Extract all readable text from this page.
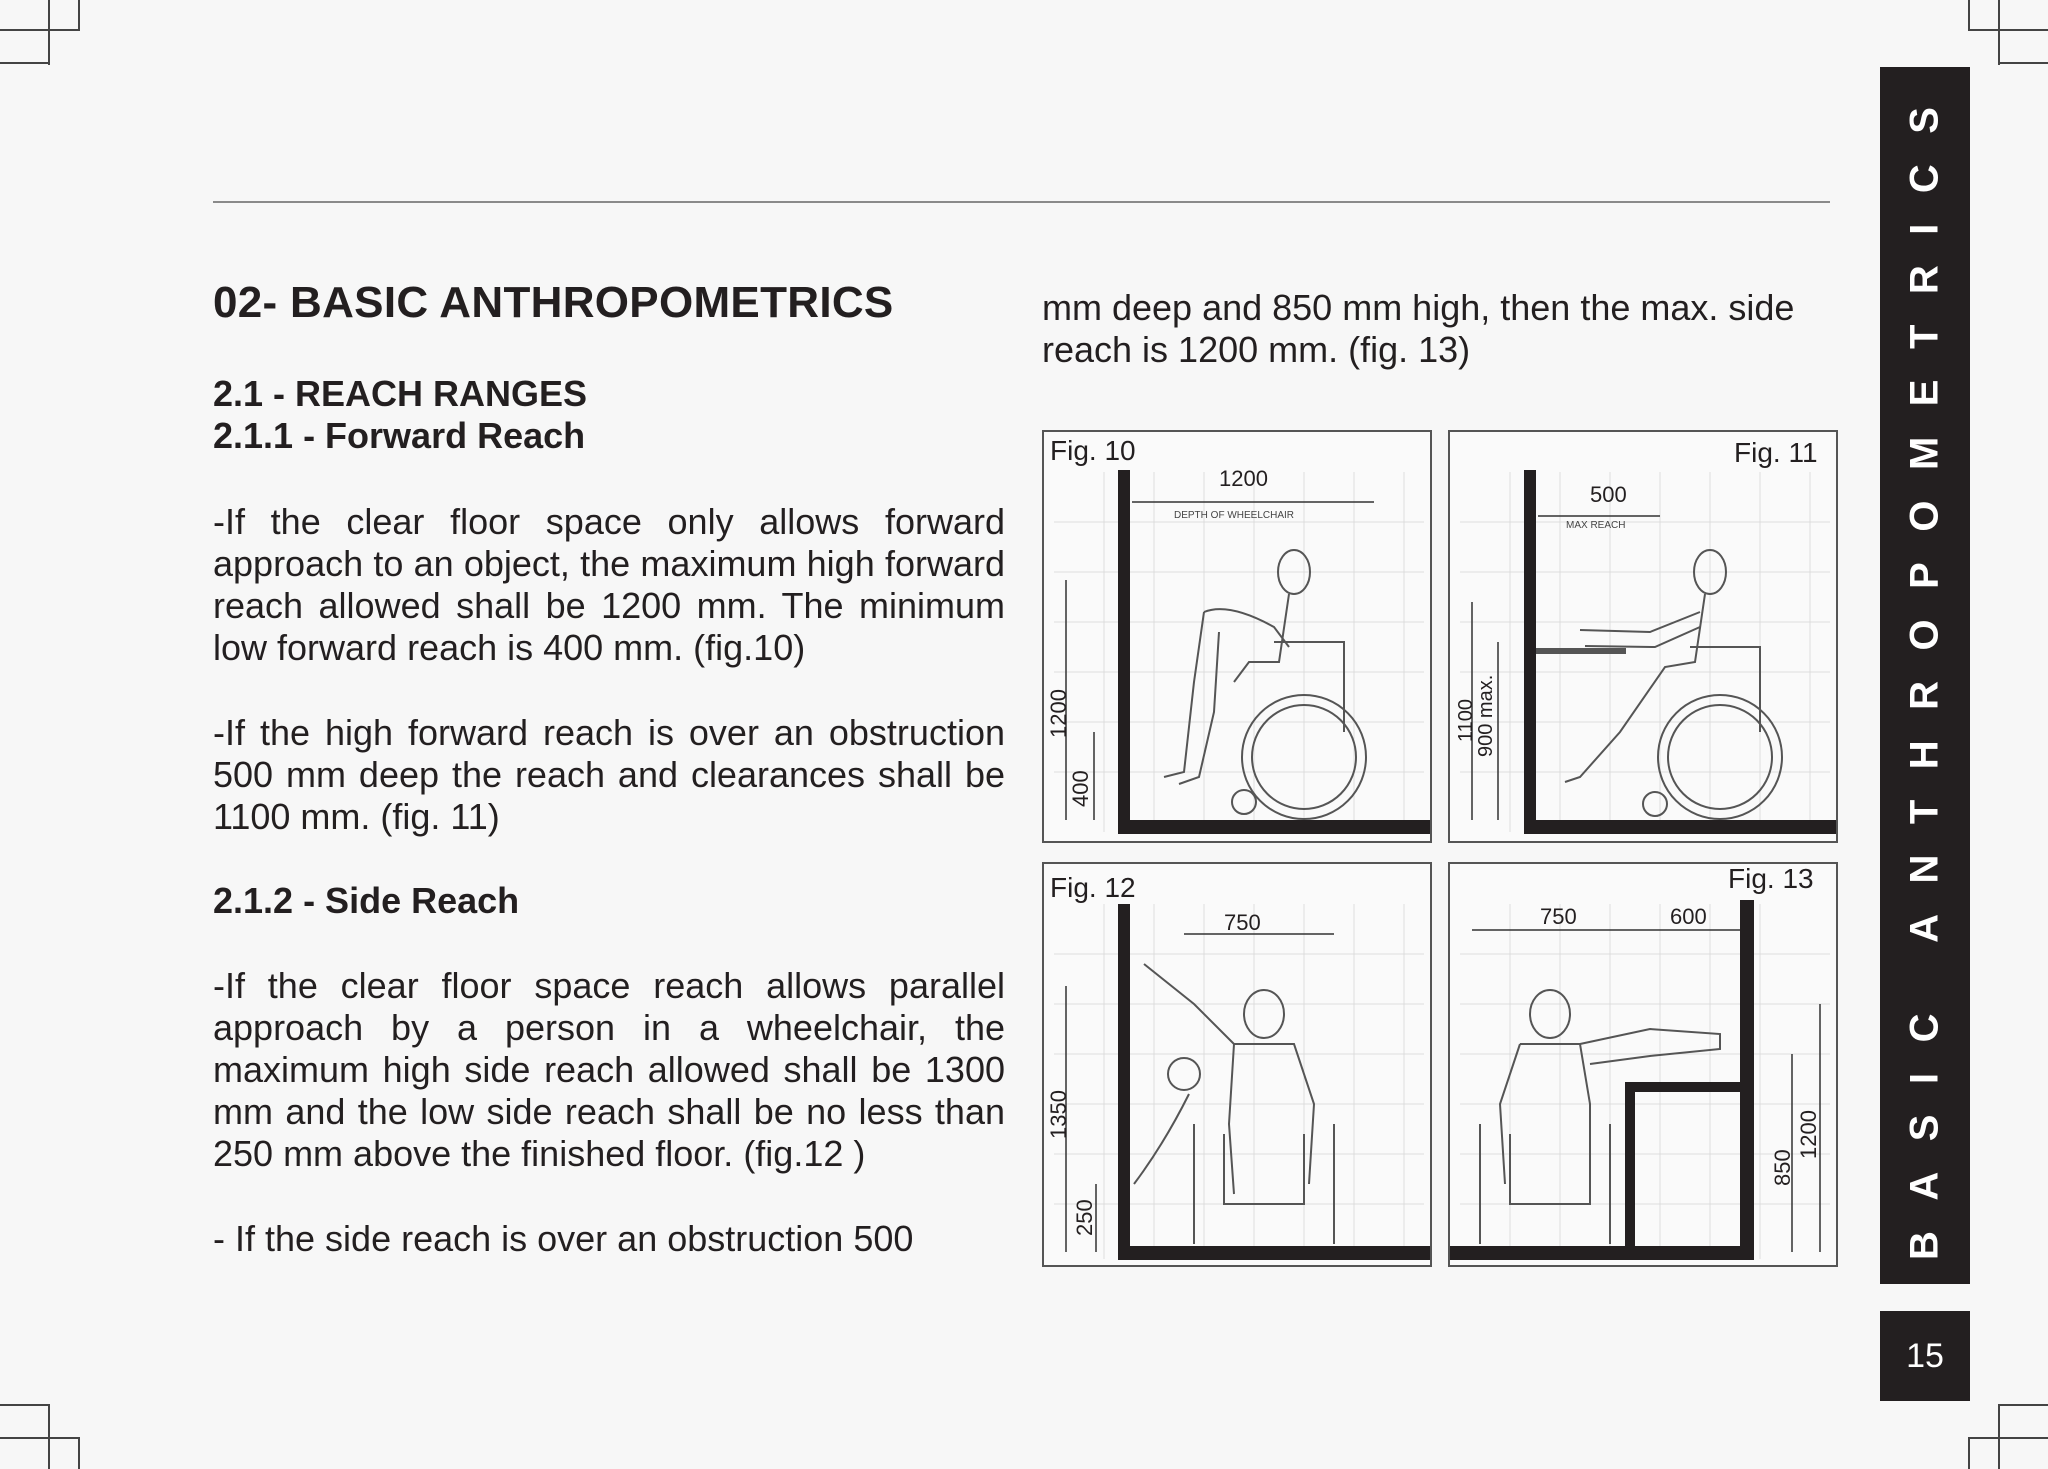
02- BASIC ANTHROPOMETRICS
2.1 - REACH RANGES
2.1.1 - Forward Reach

-If the clear floor space only allows forward approach to an object, the maximum high forward reach allowed shall be 1200 mm. The minimum low forward reach is 400 mm. (fig.10)

-If the high forward reach is over an obstruction 500 mm deep the reach and clearances shall be 1100 mm. (fig. 11)

2.1.2 - Side Reach

-If the clear floor space reach allows parallel approach by a person in a wheelchair, the maximum high side reach allowed shall be 1300 mm and the low side reach shall be no less than 250 mm above the finished floor. (fig.12 )

- If the side reach is over an obstruction 500

mm deep and 850 mm high, then the max. side reach is 1200 mm. (fig. 13)

Fig. 10
1200
DEPTH OF WHEELCHAIR
1200
400
Fig. 11
500
MAX REACH
1100
900 max.
Fig. 12
750
1350
250
Fig. 13
750	600
1200
850	BASIC ANTHROPOMETRICS
15
